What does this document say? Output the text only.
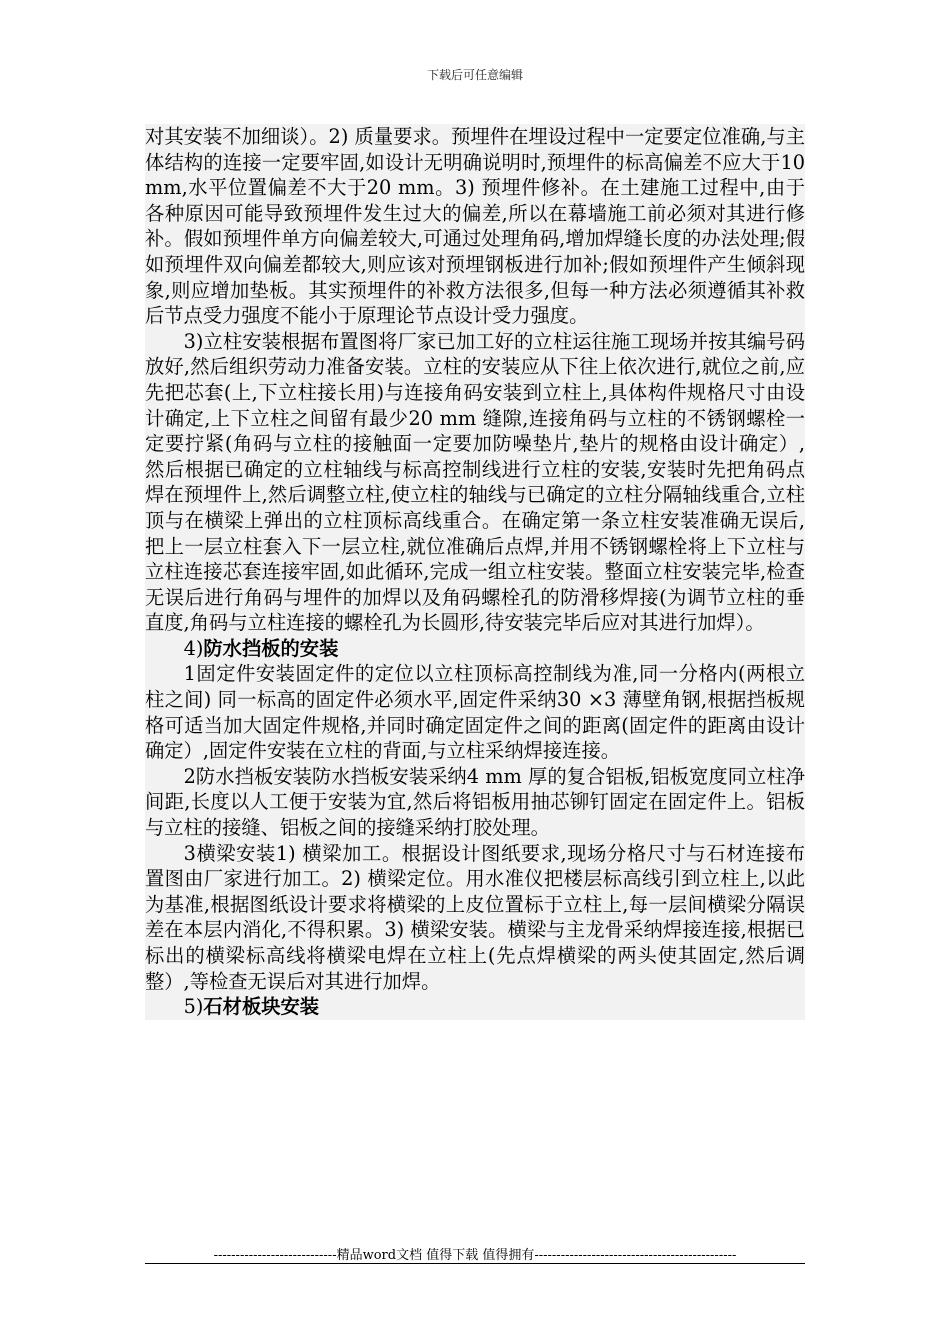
下载后可任意编辑

对其安装不加细谈）。2) 质量要求。预埋件在埋设过程中一定要定位准确,与主体结构的连接一定要牢固,如设计无明确说明时,预埋件的标高偏差不应大于10 mm,水平位置偏差不大于20 mm。3) 预埋件修补。在土建施工过程中,由于各种原因可能导致预埋件发生过大的偏差,所以在幕墙施工前必须对其进行修补。假如预埋件单方向偏差较大,可通过处理角码,增加焊缝长度的办法处理;假如预埋件双向偏差都较大,则应该对预埋钢板进行加补;假如预埋件产生倾斜现象,则应增加垫板。其实预埋件的补救方法很多,但每一种方法必须遵循其补救后节点受力强度不能小于原理论节点设计受力强度。

3)立柱安装根据布置图将厂家已加工好的立柱运往施工现场并按其编号码放好,然后组织劳动力准备安装。立柱的安装应从下往上依次进行,就位之前,应先把芯套(上,下立柱接长用)与连接角码安装到立柱上,具体构件规格尺寸由设计确定,上下立柱之间留有最少20 mm 缝隙,连接角码与立柱的不锈钢螺栓一定要拧紧(角码与立柱的接触面一定要加防噪垫片,垫片的规格由设计确定）, 然后根据已确定的立柱轴线与标高控制线进行立柱的安装,安装时先把角码点焊在预埋件上,然后调整立柱,使立柱的轴线与已确定的立柱分隔轴线重合,立柱顶与在横梁上弹出的立柱顶标高线重合。在确定第一条立柱安装准确无误后,把上一层立柱套入下一层立柱,就位准确后点焊,并用不锈钢螺栓将上下立柱与立柱连接芯套连接牢固,如此循环,完成一组立柱安装。整面立柱安装完毕,检查无误后进行角码与埋件的加焊以及角码螺栓孔的防滑移焊接(为调节立柱的垂直度,角码与立柱连接的螺栓孔为长圆形,待安装完毕后应对其进行加焊）。

4)防水挡板的安装

1固定件安装固定件的定位以立柱顶标高控制线为准,同一分格内(两根立柱之间) 同一标高的固定件必须水平,固定件采纳30 ×3 薄壁角钢,根据挡板规格可适当加大固定件规格,并同时确定固定件之间的距离(固定件的距离由设计确定）,固定件安装在立柱的背面,与立柱采纳焊接连接。

2防水挡板安装防水挡板安装采纳4 mm 厚的复合铝板,铝板宽度同立柱净间距,长度以人工便于安装为宜,然后将铝板用抽芯铆钉固定在固定件上。铝板与立柱的接缝、铝板之间的接缝采纳打胶处理。

3横梁安装1) 横梁加工。根据设计图纸要求,现场分格尺寸与石材连接布置图由厂家进行加工。2) 横梁定位。用水准仪把楼层标高线引到立柱上,以此为基准,根据图纸设计要求将横梁的上皮位置标于立柱上,每一层间横梁分隔误差在本层内消化,不得积累。3) 横梁安装。横梁与主龙骨采纳焊接连接,根据已标出的横梁标高线将横梁电焊在立柱上(先点焊横梁的两头使其固定,然后调整）,等检查无误后对其进行加焊。

5)石材板块安装

----------------------------精品word文档 值得下载 值得拥有----------------------------------------------
